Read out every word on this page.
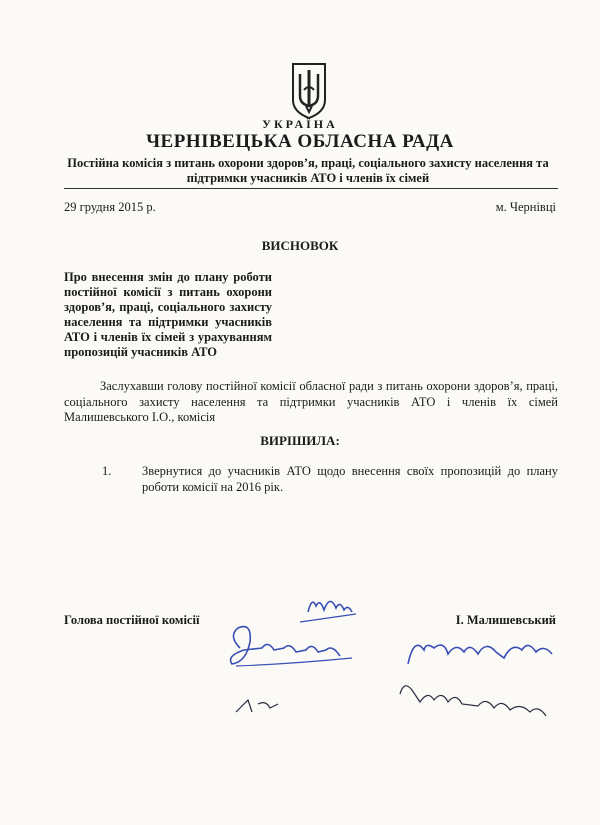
УКРАЇНА
ЧЕРНІВЕЦЬКА ОБЛАСНА РАДА
Постійна комісія з питань охорони здоров’я, праці, соціального захисту населення та підтримки учасників АТО і членів їх сімей
29 грудня 2015 р.	м. Чернівці
ВИСНОВОК
Про внесення змін до плану роботи постійної комісії з питань охорони здоров’я, праці, соціального захисту населення та підтримки учасників АТО і членів їх сімей з урахуванням пропозицій учасників АТО
Заслухавши голову постійної комісії обласної ради з питань охорони здоров’я, праці, соціального захисту населення та підтримки учасників АТО і членів їх сімей Малишевського І.О., комісія
ВИРІШИЛА:
1. Звернутися до учасників АТО щодо внесення своїх пропозицій до плану роботи комісії на 2016 рік.
Голова постійної комісії	І. Малишевський
